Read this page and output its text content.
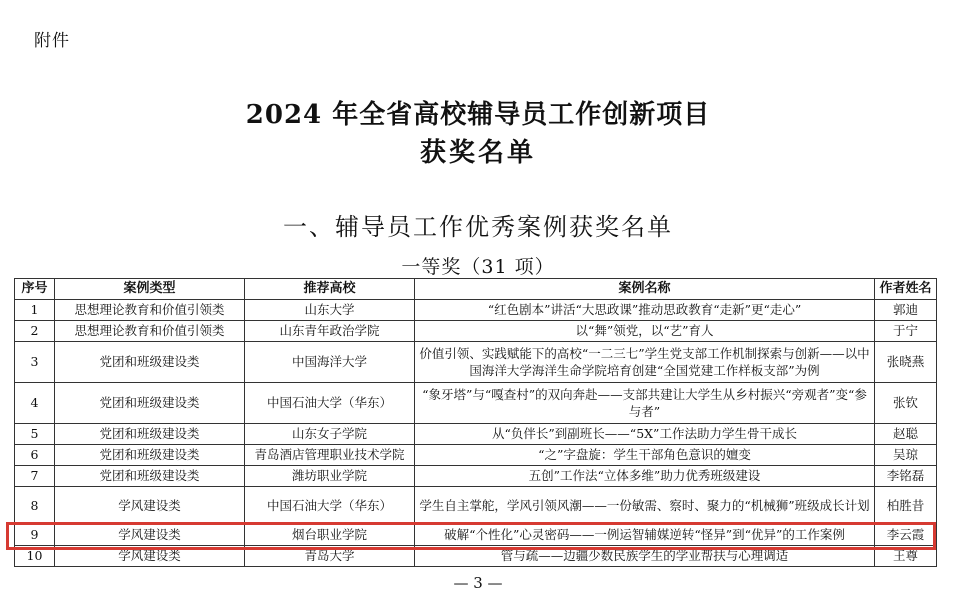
附件
2024 年全省高校辅导员工作创新项目
获奖名单
一、辅导员工作优秀案例获奖名单
一等奖（31 项）
序号	案例类型	推荐高校	案例名称	作者姓名
1	思想理论教育和价值引领类	山东大学	“红色剧本”讲活“大思政课”推动思政教育“走新”更“走心”	郭迪
2	思想理论教育和价值引领类	山东青年政治学院	以“舞”领党，以“艺”育人	于宁
3	党团和班级建设类	中国海洋大学	价值引领、实践赋能下的高校“一二三七”学生党支部工作机制探索与创新——以中国海洋大学海洋生命学院培育创建“全国党建工作样板支部”为例	张晓燕
4	党团和班级建设类	中国石油大学（华东）	“象牙塔”与“嘎查村”的双向奔赴——支部共建让大学生从乡村振兴“旁观者”变“参与者”	张钦
5	党团和班级建设类	山东女子学院	从“负伴长”到副班长——“5X”工作法助力学生骨干成长	赵聪
6	党团和班级建设类	青岛酒店管理职业技术学院	“之”字盘旋：学生干部角色意识的嬗变	吴琼
7	党团和班级建设类	潍坊职业学院	五创”工作法“立体多维”助力优秀班级建设	李铭磊
8	学风建设类	中国石油大学（华东）	学生自主掌舵，学风引领风潮——一份敏需、察时、聚力的“机械狮”班级成长计划	柏胜昔
9	学风建设类	烟台职业学院	破解“个性化”心灵密码——一例运智辅媒逆转“怪异”到“优异”的工作案例	李云霞
10	学风建设类	青岛大学	管与疏——边疆少数民族学生的学业帮扶与心理调适	王尊
— 3 —
